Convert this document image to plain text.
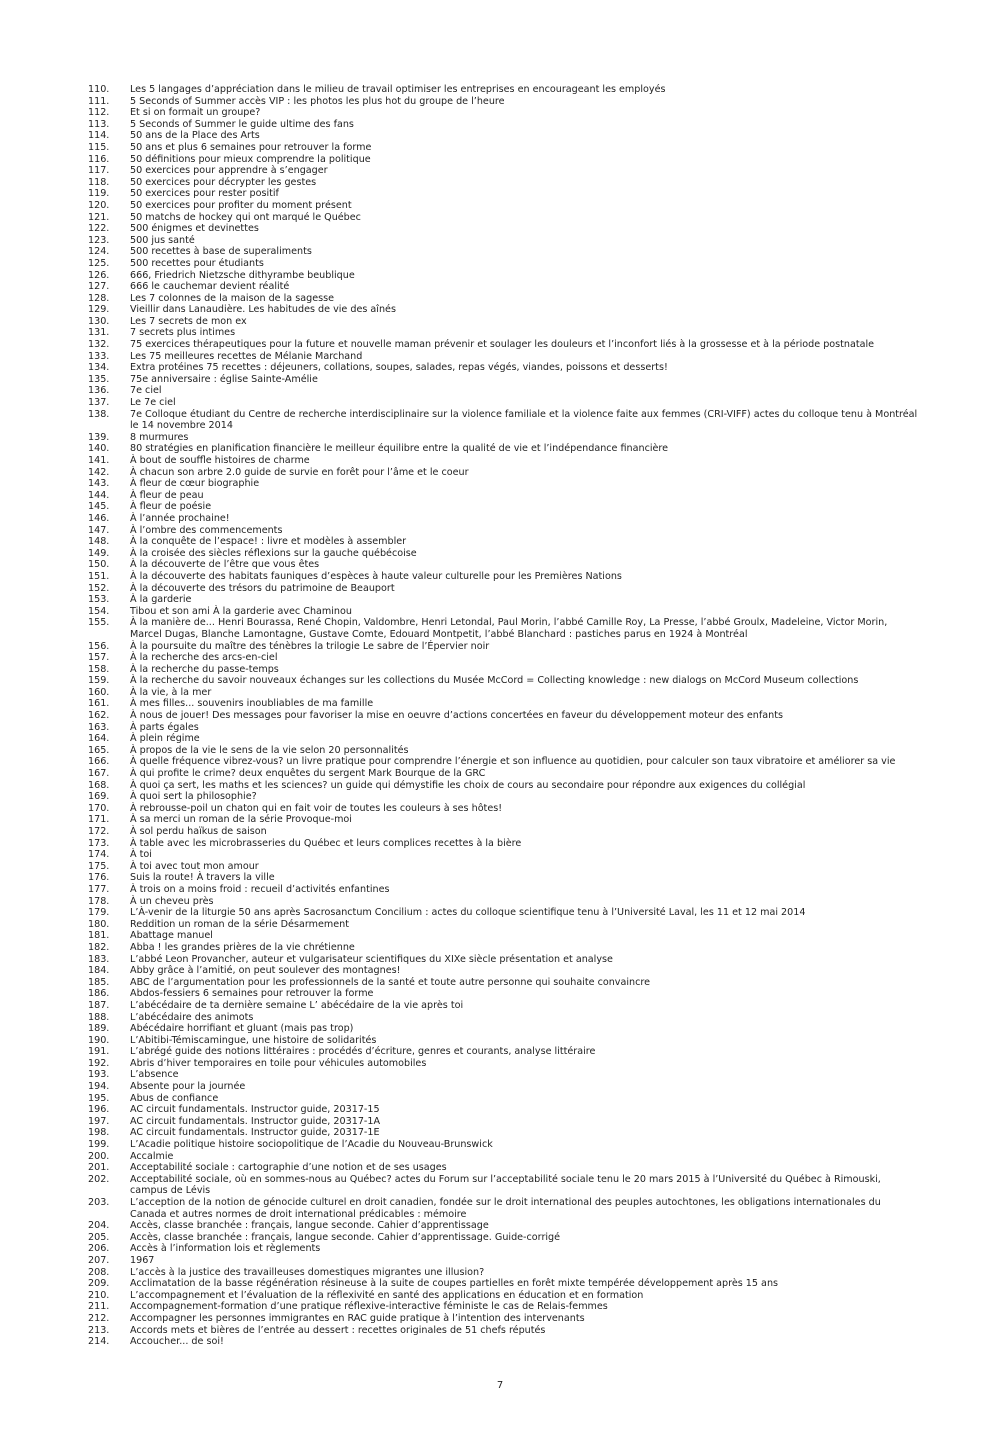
110.	Les 5 langages d’appréciation dans le milieu de travail optimiser les entreprises en encourageant les employés
111.	5 Seconds of Summer accès VIP : les photos les plus hot du groupe de l’heure
112.	Et si on formait un groupe?
113.	5 Seconds of Summer le guide ultime des fans
114.	50 ans de la Place des Arts
115.	50 ans et plus 6 semaines pour retrouver la forme
116.	50 définitions pour mieux comprendre la politique
117.	50 exercices pour apprendre à s’engager
118.	50 exercices pour décrypter les gestes
119.	50 exercices pour rester positif
120.	50 exercices pour profiter du moment présent
121.	50 matchs de hockey qui ont marqué le Québec
122.	500 énigmes et devinettes
123.	500 jus santé
124.	500 recettes à base de superaliments
125.	500 recettes pour étudiants
126.	666, Friedrich Nietzsche dithyrambe beublique
127.	666 le cauchemar devient réalité
128.	Les 7 colonnes de la maison de la sagesse
129.	Vieillir dans Lanaudière. Les habitudes de vie des aînés
130.	Les 7 secrets de mon ex
131.	7 secrets plus intimes
132.	75 exercices thérapeutiques pour la future et nouvelle maman prévenir et soulager les douleurs et l’inconfort liés à la grossesse et à la période postnatale
133.	Les 75 meilleures recettes de Mélanie Marchand
134.	Extra protéines 75 recettes : déjeuners, collations, soupes, salades, repas végés, viandes, poissons et desserts!
135.	75e anniversaire : église Sainte-Amélie
136.	7e ciel
137.	Le 7e ciel
138.	7e Colloque étudiant du Centre de recherche interdisciplinaire sur la violence familiale et la violence faite aux femmes (CRI-VIFF) actes du colloque tenu à Montréal le 14 novembre 2014
139.	8 murmures
140.	80 stratégies en planification financière le meilleur équilibre entre la qualité de vie et l’indépendance financière
141.	À bout de souffle histoires de charme
142.	À chacun son arbre 2.0 guide de survie en forêt pour l’âme et le coeur
143.	À fleur de cœur biographie
144.	À fleur de peau
145.	À fleur de poésie
146.	À l’année prochaine!
147.	À l’ombre des commencements
148.	À la conquête de l’espace! : livre et modèles à assembler
149.	À la croisée des siècles réflexions sur la gauche québécoise
150.	À la découverte de l’être que vous êtes
151.	À la découverte des habitats fauniques d’espèces à haute valeur culturelle pour les Premières Nations
152.	À la découverte des trésors du patrimoine de Beauport
153.	À la garderie
154.	Tibou et son ami À la garderie avec Chaminou
155.	À la manière de... Henri Bourassa, René Chopin, Valdombre, Henri Letondal, Paul Morin, l’abbé Camille Roy, La Presse, l’abbé Groulx, Madeleine, Victor Morin, Marcel Dugas, Blanche Lamontagne, Gustave Comte, Edouard Montpetit, l’abbé Blanchard : pastiches parus en 1924 à Montréal
156.	À la poursuite du maître des ténèbres la trilogie Le sabre de l’Épervier noir
157.	À la recherche des arcs-en-ciel
158.	À la recherche du passe-temps
159.	À la recherche du savoir nouveaux échanges sur les collections du Musée McCord = Collecting knowledge : new dialogs on McCord Museum collections
160.	À la vie, à la mer
161.	À mes filles... souvenirs inoubliables de ma famille
162.	À nous de jouer! Des messages pour favoriser la mise en oeuvre d’actions concertées en faveur du développement moteur des enfants
163.	À parts égales
164.	À plein régime
165.	À propos de la vie le sens de la vie selon 20 personnalités
166.	À quelle fréquence vibrez-vous? un livre pratique pour comprendre l’énergie et son influence au quotidien, pour calculer son taux vibratoire et améliorer sa vie
167.	À qui profite le crime? deux enquêtes du sergent Mark Bourque de la GRC
168.	À quoi ça sert, les maths et les sciences? un guide qui démystifie les choix de cours au secondaire pour répondre aux exigences du collégial
169.	À quoi sert la philosophie?
170.	À rebrousse-poil un chaton qui en fait voir de toutes les couleurs à ses hôtes!
171.	À sa merci un roman de la série Provoque-moi
172.	À sol perdu haïkus de saison
173.	À table avec les microbrasseries du Québec et leurs complices recettes à la bière
174.	À toi
175.	À toi avec tout mon amour
176.	Suis la route! À travers la ville
177.	À trois on a moins froid : recueil d’activités enfantines
178.	À un cheveu près
179.	L’À-venir de la liturgie 50 ans après Sacrosanctum Concilium : actes du colloque scientifique tenu à l’Université Laval, les 11 et 12 mai 2014
180.	Reddition un roman de la série Désarmement
181.	Abattage manuel
182.	Abba ! les grandes prières de la vie chrétienne
183.	L’abbé Leon Provancher, auteur et vulgarisateur scientifiques du XIXe siècle présentation et analyse
184.	Abby grâce à l’amitié, on peut soulever des montagnes!
185.	ABC de l’argumentation pour les professionnels de la santé et toute autre personne qui souhaite convaincre
186.	Abdos-fessiers 6 semaines pour retrouver la forme
187.	L’abécédaire de ta dernière semaine L’ abécédaire de la vie après toi
188.	L’abécédaire des animots
189.	Abécédaire horrifiant et gluant (mais pas trop)
190.	L’Abitibi-Témiscamingue, une histoire de solidarités
191.	L’abrégé guide des notions littéraires : procédés d’écriture, genres et courants, analyse littéraire
192.	Abris d’hiver temporaires en toile pour véhicules automobiles
193.	L’absence
194.	Absente pour la journée
195.	Abus de confiance
196.	AC circuit fundamentals. Instructor guide, 20317-15
197.	AC circuit fundamentals. Instructor guide, 20317-1A
198.	AC circuit fundamentals. Instructor guide, 20317-1E
199.	L’Acadie politique histoire sociopolitique de l’Acadie du Nouveau-Brunswick
200.	Accalmie
201.	Acceptabilité sociale : cartographie d’une notion et de ses usages
202.	Acceptabilité sociale, où en sommes-nous au Québec? actes du Forum sur l’acceptabilité sociale tenu le 20 mars 2015 à l’Université du Québec à Rimouski, campus de Lévis
203.	L’acception de la notion de génocide culturel en droit canadien, fondée sur le droit international des peuples autochtones, les obligations internationales du Canada et autres normes de droit international prédicables : mémoire
204.	Accès, classe branchée : français, langue seconde. Cahier d’apprentissage
205.	Accès, classe branchée : français, langue seconde. Cahier d’apprentissage. Guide-corrigé
206.	Accès à l’information lois et règlements
207.	1967
208.	L’accès à la justice des travailleuses domestiques migrantes une illusion?
209.	Acclimatation de la basse régénération résineuse à la suite de coupes partielles en forêt mixte tempérée développement après 15 ans
210.	L’accompagnement et l’évaluation de la réflexivité en santé des applications en éducation et en formation
211.	Accompagnement-formation d’une pratique réflexive-interactive féministe le cas de Relais-femmes
212.	Accompagner les personnes immigrantes en RAC guide pratique à l’intention des intervenants
213.	Accords mets et bières de l’entrée au dessert : recettes originales de 51 chefs réputés
214.	Accoucher... de soi!
7
